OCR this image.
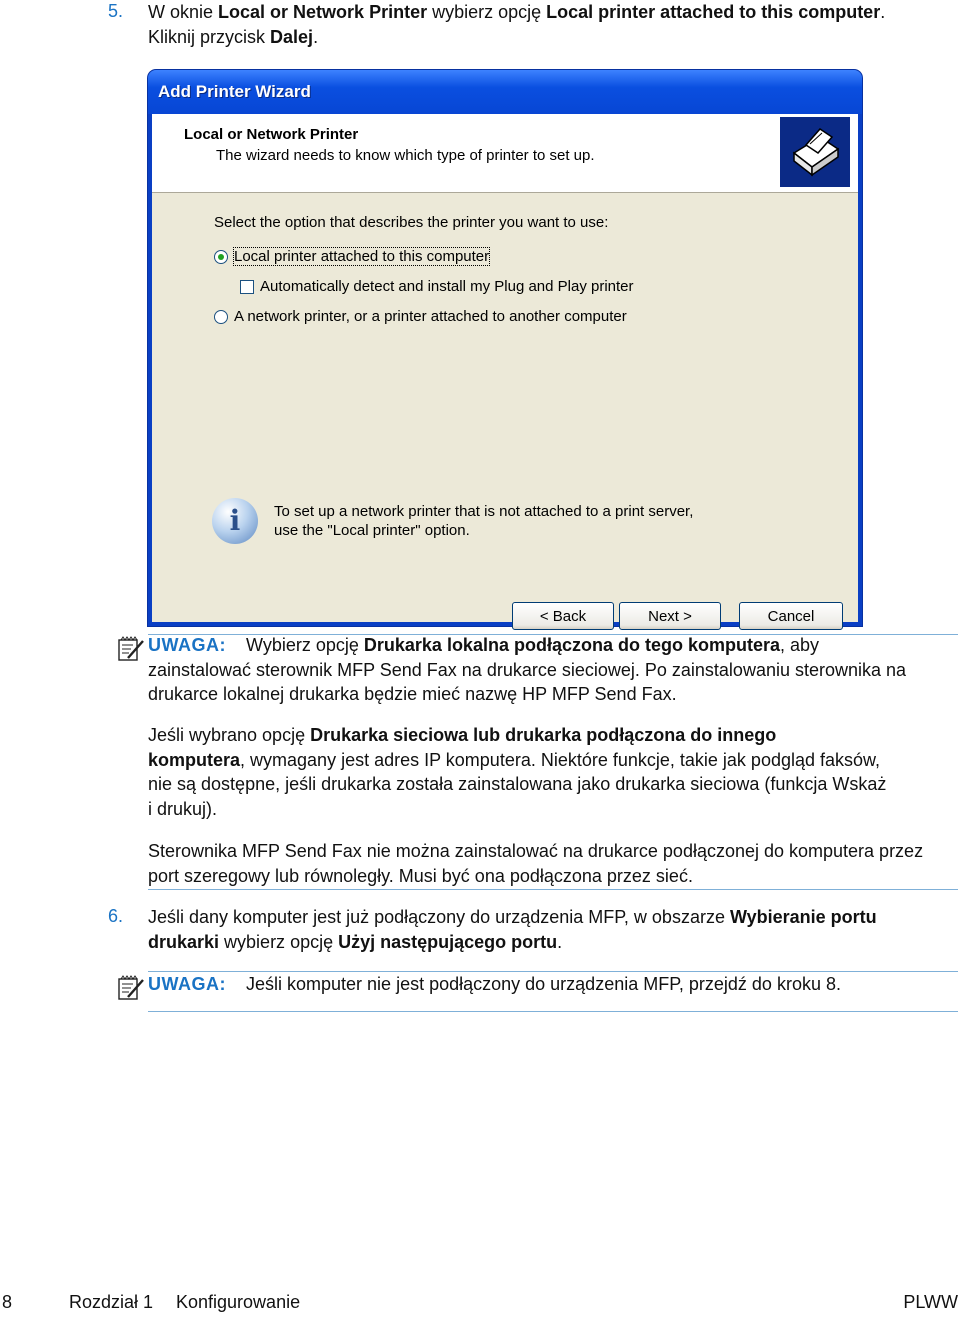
5. W oknie Local or Network Printer wybierz opcję Local printer attached to this computer. Kliknij przycisk Dalej.
Add Printer Wizard
Local or Network Printer
The wizard needs to know which type of printer to set up.
Select the option that describes the printer you want to use:
Local printer attached to this computer
Automatically detect and install my Plug and Play printer
A network printer, or a printer attached to another computer
i	To set up a network printer that is not attached to a print server,
use the "Local printer" option.
< Back	Next >	Cancel
UWAGA: Wybierz opcję Drukarka lokalna podłączona do tego komputera, aby
zainstalować sterownik MFP Send Fax na drukarce sieciowej. Po zainstalowaniu sterownika na
drukarce lokalnej drukarka będzie mieć nazwę HP MFP Send Fax.
Jeśli wybrano opcję Drukarka sieciowa lub drukarka podłączona do innego
komputera, wymagany jest adres IP komputera. Niektóre funkcje, takie jak podgląd faksów,
nie są dostępne, jeśli drukarka została zainstalowana jako drukarka sieciowa (funkcja Wskaż
i drukuj).
Sterownika MFP Send Fax nie można zainstalować na drukarce podłączonej do komputera przez
port szeregowy lub równoległy. Musi być ona podłączona przez sieć.
6. Jeśli dany komputer jest już podłączony do urządzenia MFP, w obszarze Wybieranie portu
drukarki wybierz opcję Użyj następującego portu.
UWAGA: Jeśli komputer nie jest podłączony do urządzenia MFP, przejdź do kroku 8.
8	Rozdział 1 Konfigurowanie	PLWW
